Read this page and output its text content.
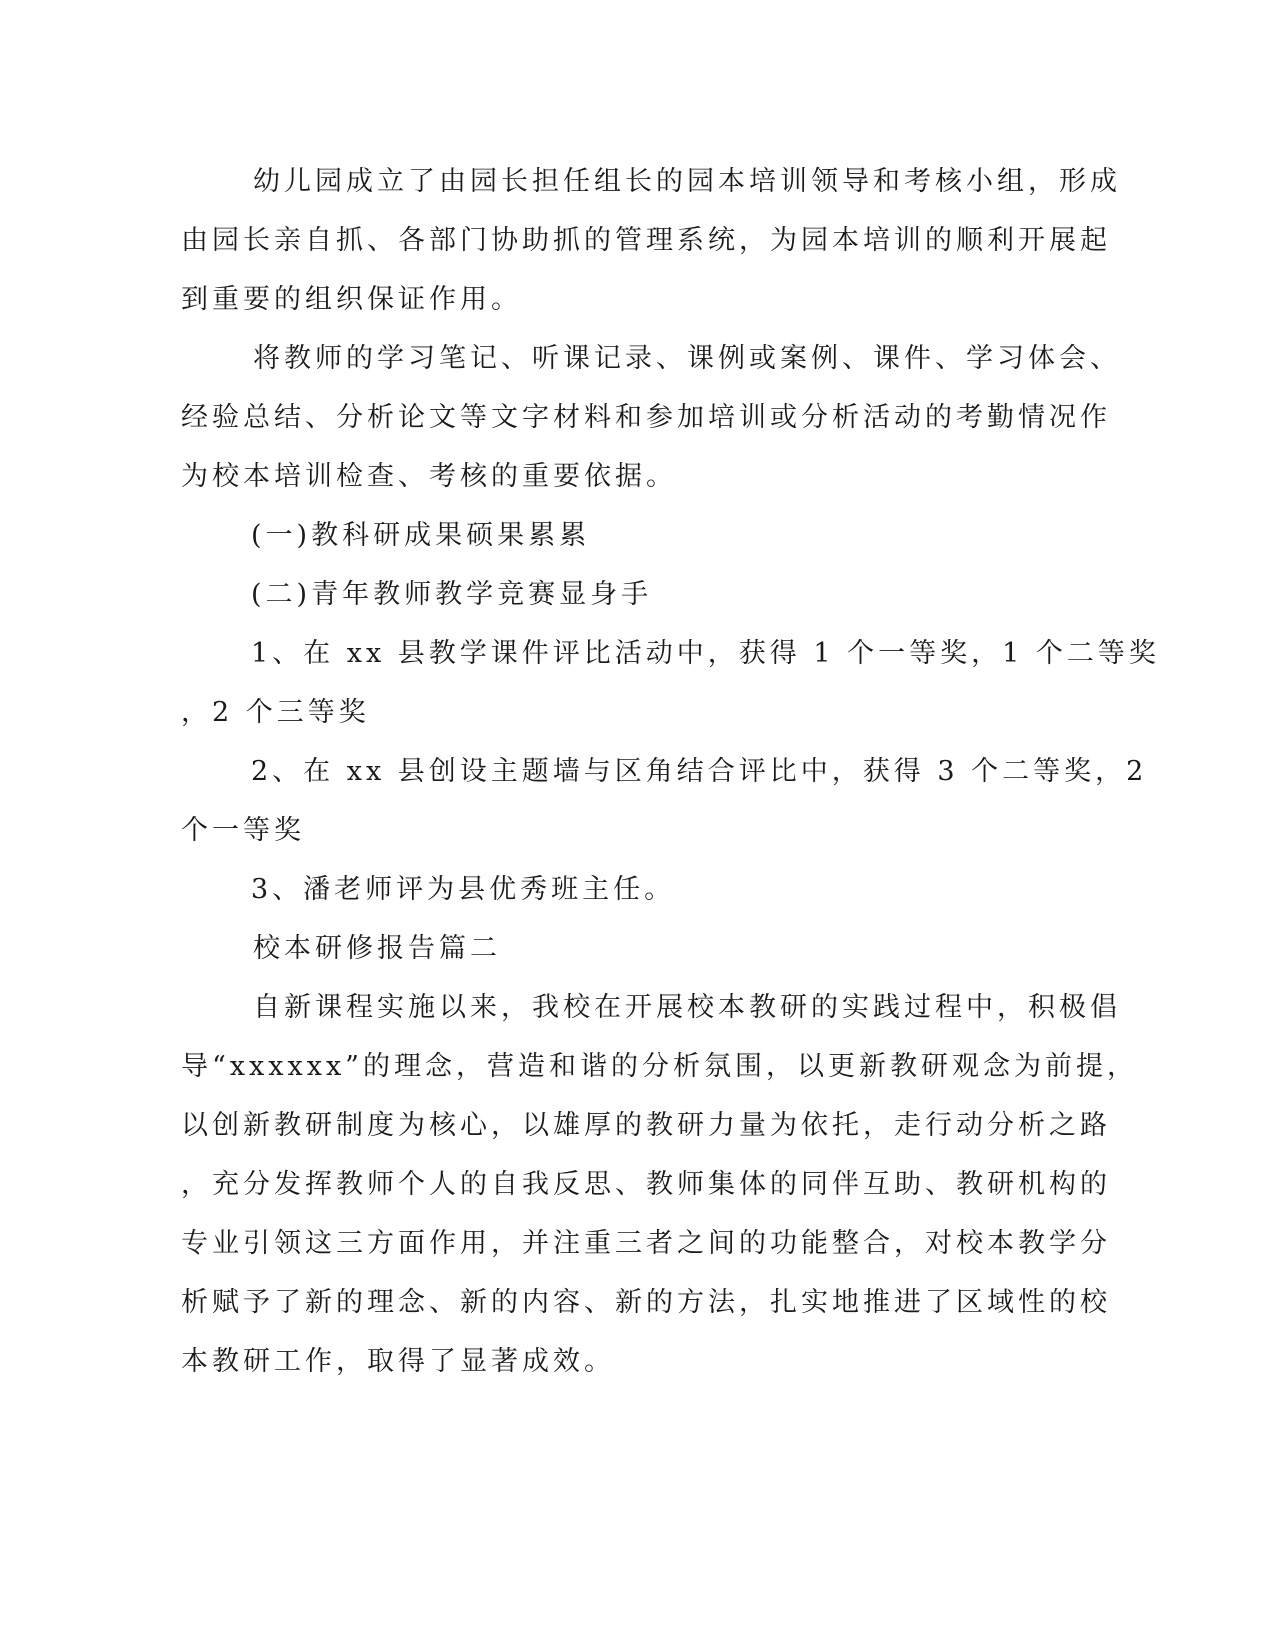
幼儿园成立了由园长担任组长的园本培训领导和考核小组，形成
由园长亲自抓、各部门协助抓的管理系统，为园本培训的顺利开展起
到重要的组织保证作用。
将教师的学习笔记、听课记录、课例或案例、课件、学习体会、
经验总结、分析论文等文字材料和参加培训或分析活动的考勤情况作
为校本培训检查、考核的重要依据。
(一)教科研成果硕果累累
(二)青年教师教学竞赛显身手
1、在 xx 县教学课件评比活动中，获得 1 个一等奖，1 个二等奖
，2 个三等奖
2、在 xx 县创设主题墙与区角结合评比中，获得 3 个二等奖，2
个一等奖
3、潘老师评为县优秀班主任。
校本研修报告篇二
自新课程实施以来，我校在开展校本教研的实践过程中，积极倡
导“xxxxxx”的理念，营造和谐的分析氛围，以更新教研观念为前提，
以创新教研制度为核心，以雄厚的教研力量为依托，走行动分析之路
，充分发挥教师个人的自我反思、教师集体的同伴互助、教研机构的
专业引领这三方面作用，并注重三者之间的功能整合，对校本教学分
析赋予了新的理念、新的内容、新的方法，扎实地推进了区域性的校
本教研工作，取得了显著成效。
